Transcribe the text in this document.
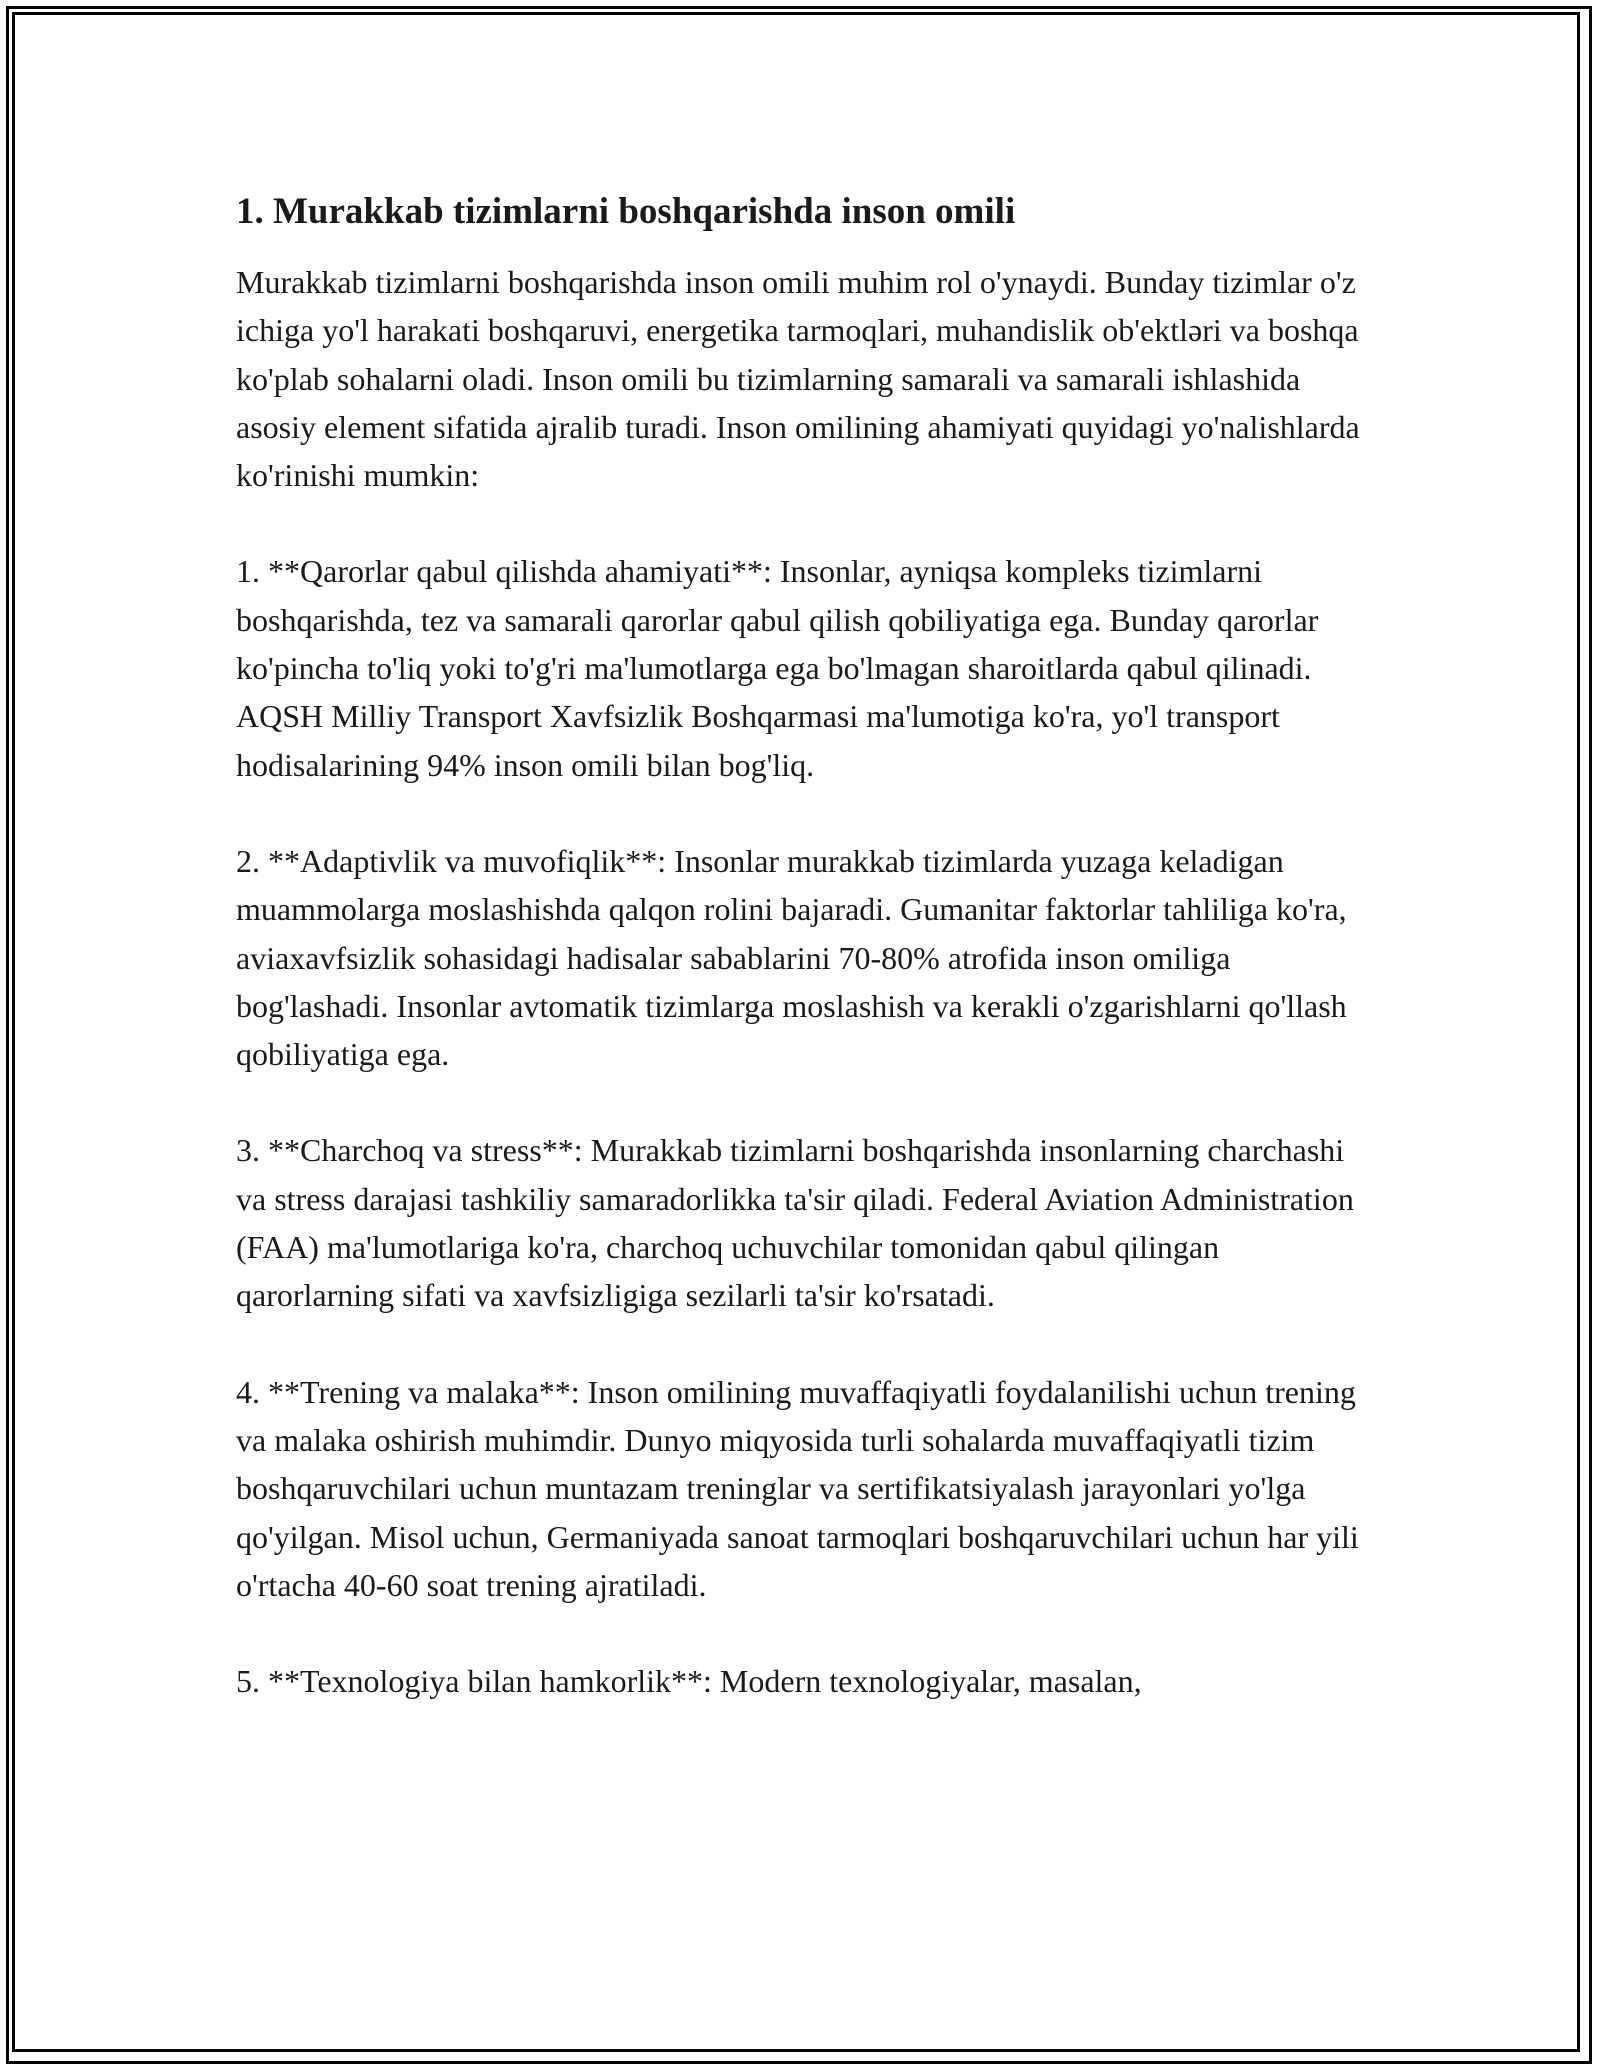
1. Murakkab tizimlarni boshqarishda inson omili

Murakkab tizimlarni boshqarishda inson omili muhim rol o'ynaydi. Bunday tizimlar o'z ichiga yo'l harakati boshqaruvi, energetika tarmoqlari, muhandislik ob'ektləri va boshqa ko'plab sohalarni oladi. Inson omili bu tizimlarning samarali va samarali ishlashida asosiy element sifatida ajralib turadi. Inson omilining ahamiyati quyidagi yo'nalishlarda ko'rinishi mumkin:

1. **Qarorlar qabul qilishda ahamiyati**: Insonlar, ayniqsa kompleks tizimlarni boshqarishda, tez va samarali qarorlar qabul qilish qobiliyatiga ega. Bunday qarorlar ko'pincha to'liq yoki to'g'ri ma'lumotlarga ega bo'lmagan sharoitlarda qabul qilinadi. AQSH Milliy Transport Xavfsizlik Boshqarmasi ma'lumotiga ko'ra, yo'l transport hodisalarining 94% inson omili bilan bog'liq.

2. **Adaptivlik va muvofiqlik**: Insonlar murakkab tizimlarda yuzaga keladigan muammolarga moslashishda qalqon rolini bajaradi. Gumanitar faktorlar tahliliga ko'ra, aviaxavfsizlik sohasidagi hadisalar sabablarini 70-80% atrofida inson omiliga bog'lashadi. Insonlar avtomatik tizimlarga moslashish va kerakli o'zgarishlarni qo'llash qobiliyatiga ega.

3. **Charchoq va stress**: Murakkab tizimlarni boshqarishda insonlarning charchashi va stress darajasi tashkiliy samaradorlikka ta'sir qiladi. Federal Aviation Administration (FAA) ma'lumotlariga ko'ra, charchoq uchuvchilar tomonidan qabul qilingan qarorlarning sifati va xavfsizligiga sezilarli ta'sir ko'rsatadi.

4. **Trening va malaka**: Inson omilining muvaffaqiyatli foydalanilishi uchun trening va malaka oshirish muhimdir. Dunyo miqyosida turli sohalarda muvaffaqiyatli tizim boshqaruvchilari uchun muntazam treninglar va sertifikatsiyalash jarayonlari yo'lga qo'yilgan. Misol uchun, Germaniyada sanoat tarmoqlari boshqaruvchilari uchun har yili o'rtacha 40-60 soat trening ajratiladi.

5. **Texnologiya bilan hamkorlik**: Modern texnologiyalar, masalan,
